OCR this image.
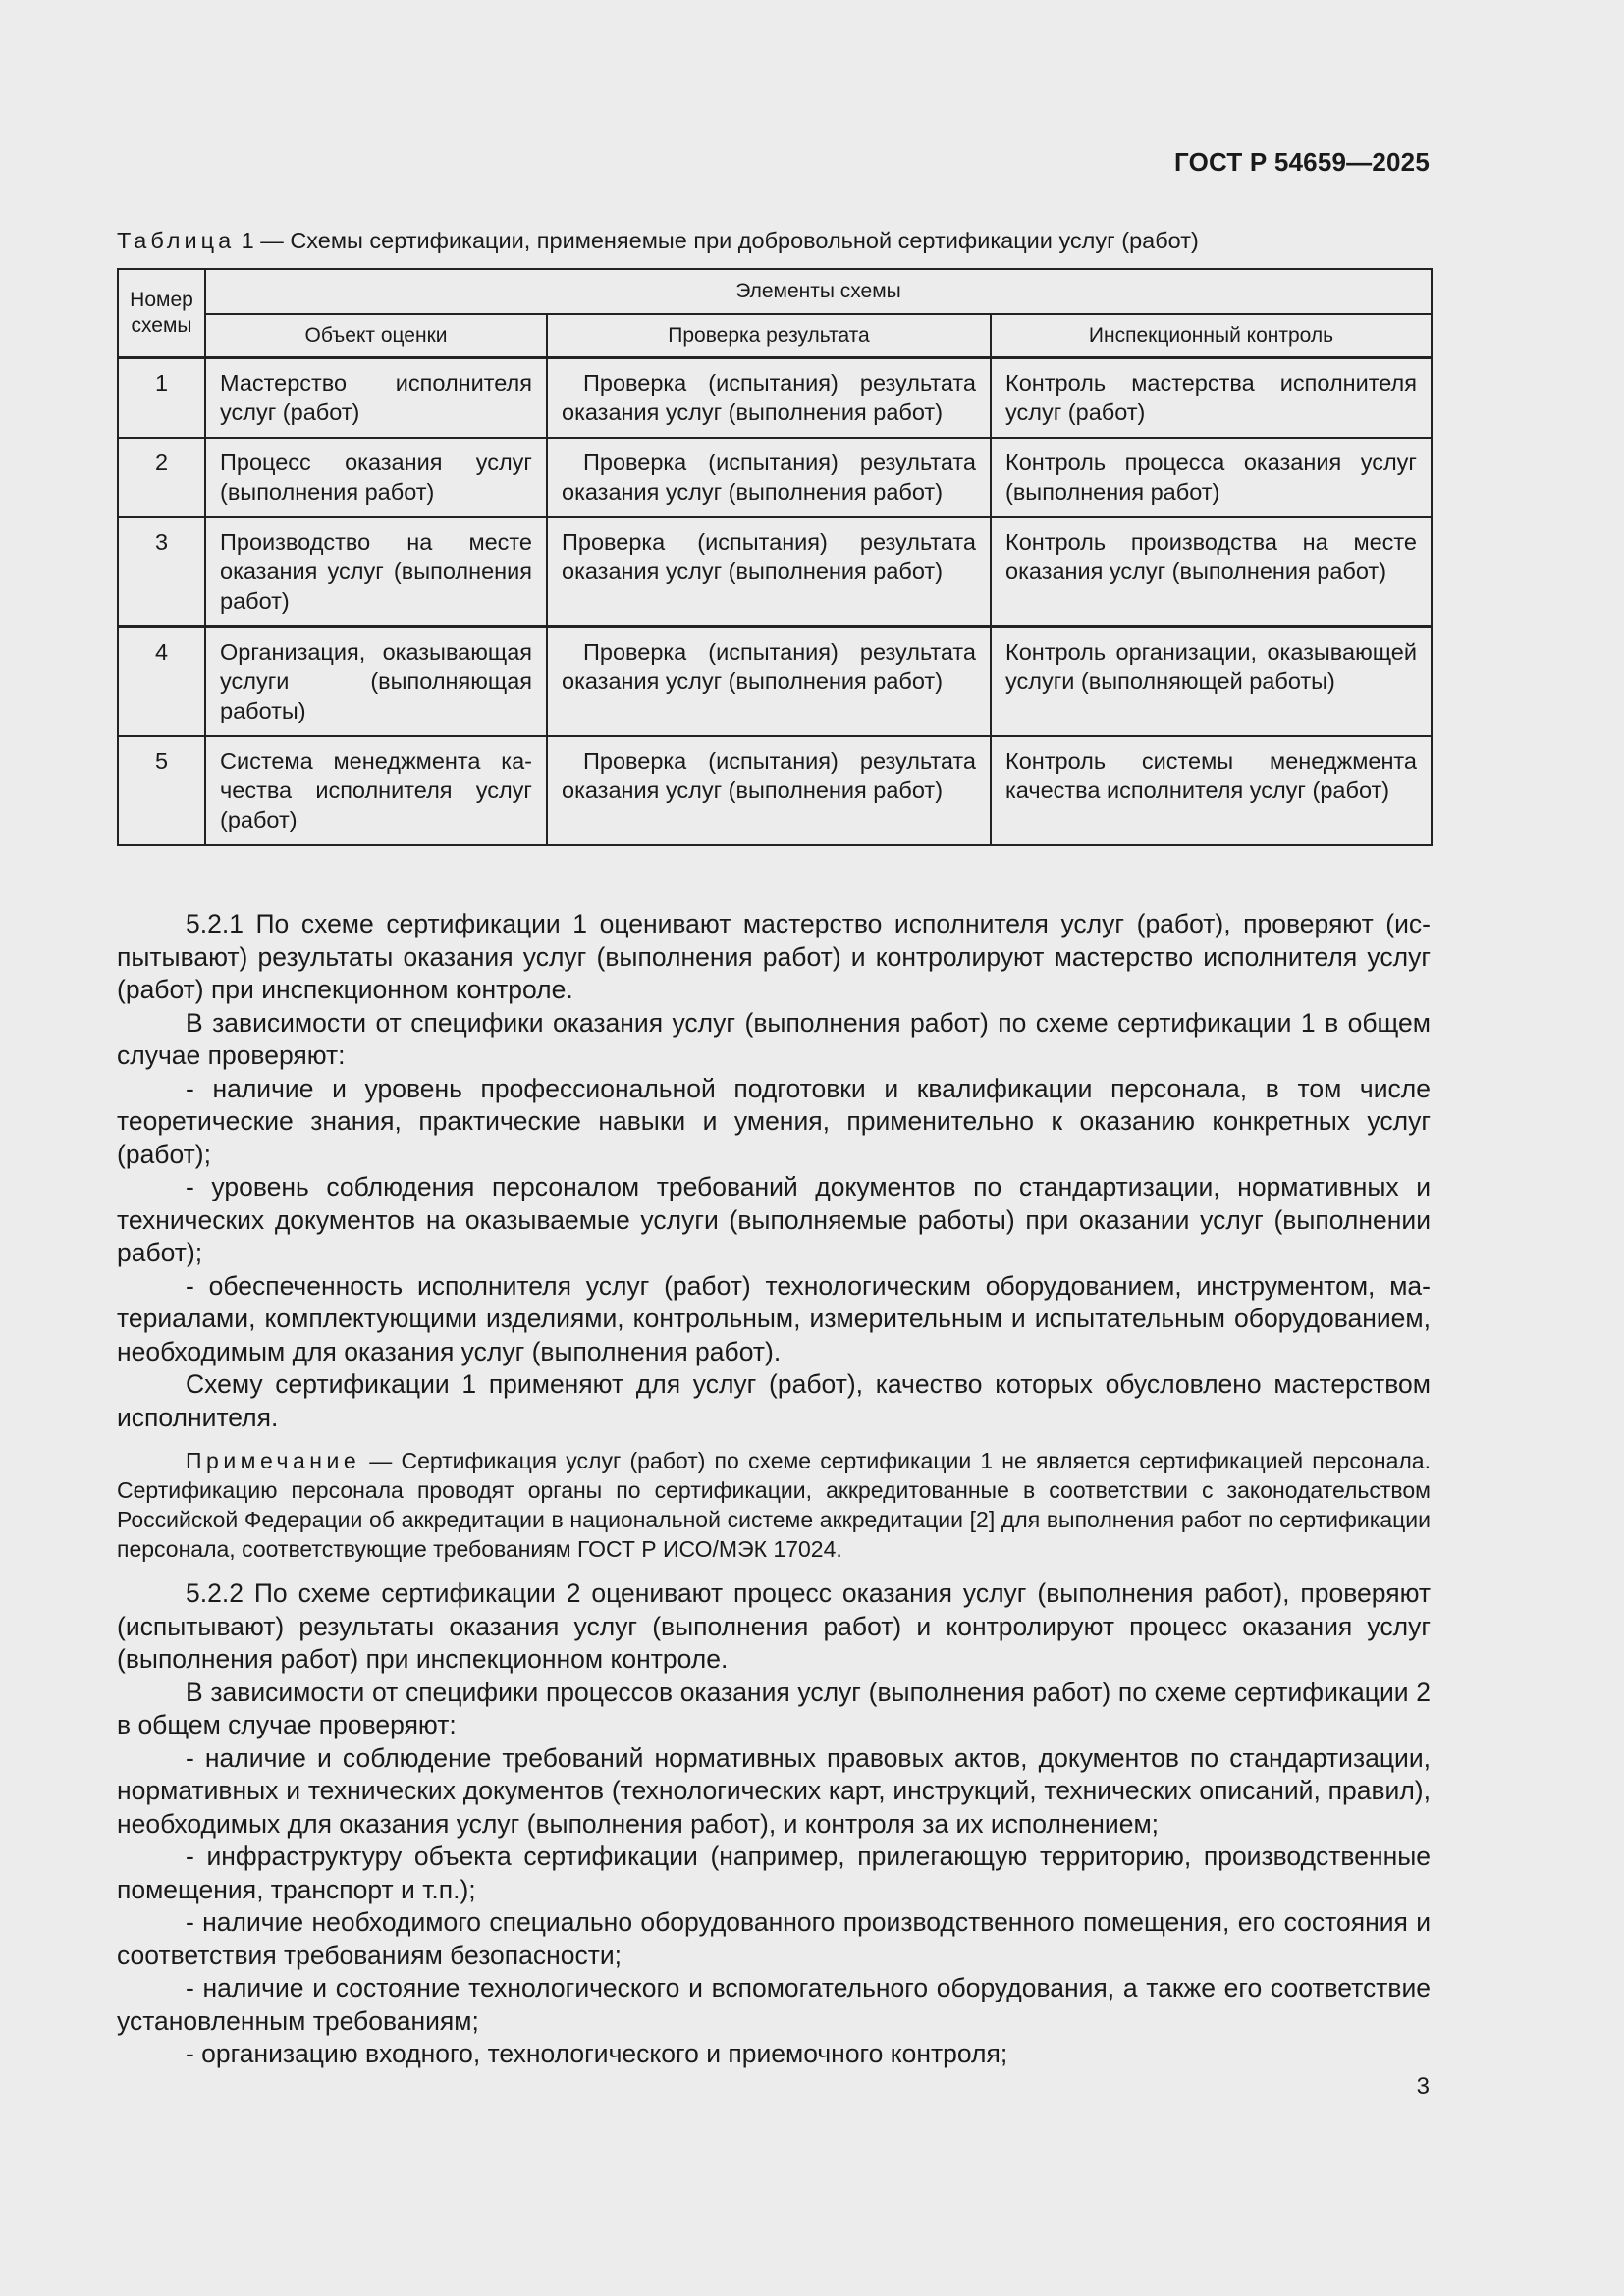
ГОСТ Р 54659—2025
Таблица 1 — Схемы сертификации, применяемые при добровольной сертификации услуг (работ)
Номер схемы	Элементы схемы		
	Объект оценки	Проверка результата	Инспекционный контроль
1	Мастерство исполнителя услуг (работ)	Проверка (испытания) результата оказания услуг (выполнения работ)	Контроль мастерства исполнителя услуг (работ)
2	Процесс оказания услуг (выполнения работ)	Проверка (испытания) результата оказания услуг (выполнения работ)	Контроль процесса оказания услуг (выполнения работ)
3	Производство на месте оказания услуг (выполнения работ)	Проверка (испытания) результата оказания услуг (выполнения работ)	Контроль производства на месте оказания услуг (выполнения работ)
4	Организация, оказывающая услуги (выполняющая работы)	Проверка (испытания) результата оказания услуг (выполнения работ)	Контроль организации, оказывающей услуги (выполняющей работы)
5	Система менеджмента качества исполнителя услуг (работ)	Проверка (испытания) результата оказания услуг (выполнения работ)	Контроль системы менеджмента качества исполнителя услуг (работ)

5.2.1 По схеме сертификации 1 оценивают мастерство исполнителя услуг (работ), проверяют (испытывают) результаты оказания услуг (выполнения работ) и контролируют мастерство исполнителя услуг (работ) при инспекционном контроле.

В зависимости от специфики оказания услуг (выполнения работ) по схеме сертификации 1 в общем случае проверяют:

- наличие и уровень профессиональной подготовки и квалификации персонала, в том числе теоретические знания, практические навыки и умения, применительно к оказанию конкретных услуг (работ);

- уровень соблюдения персоналом требований документов по стандартизации, нормативных и технических документов на оказываемые услуги (выполняемые работы) при оказании услуг (выполнении работ);

- обеспеченность исполнителя услуг (работ) технологическим оборудованием, инструментом, материалами, комплектующими изделиями, контрольным, измерительным и испытательным оборудованием, необходимым для оказания услуг (выполнения работ).

Схему сертификации 1 применяют для услуг (работ), качество которых обусловлено мастерством исполнителя.

Примечание — Сертификация услуг (работ) по схеме сертификации 1 не является сертификацией персонала. Сертификацию персонала проводят органы по сертификации, аккредитованные в соответствии с законодательством Российской Федерации об аккредитации в национальной системе аккредитации [2] для выполнения работ по сертификации персонала, соответствующие требованиям ГОСТ Р ИСО/МЭК 17024.

5.2.2 По схеме сертификации 2 оценивают процесс оказания услуг (выполнения работ), проверяют (испытывают) результаты оказания услуг (выполнения работ) и контролируют процесс оказания услуг (выполнения работ) при инспекционном контроле.

В зависимости от специфики процессов оказания услуг (выполнения работ) по схеме сертификации 2 в общем случае проверяют:

- наличие и соблюдение требований нормативных правовых актов, документов по стандартизации, нормативных и технических документов (технологических карт, инструкций, технических описаний, правил), необходимых для оказания услуг (выполнения работ), и контроля за их исполнением;

- инфраструктуру объекта сертификации (например, прилегающую территорию, производственные помещения, транспорт и т.п.);

- наличие необходимого специально оборудованного производственного помещения, его состояния и соответствия требованиям безопасности;

- наличие и состояние технологического и вспомогательного оборудования, а также его соответствие установленным требованиям;

- организацию входного, технологического и приемочного контроля;

3
